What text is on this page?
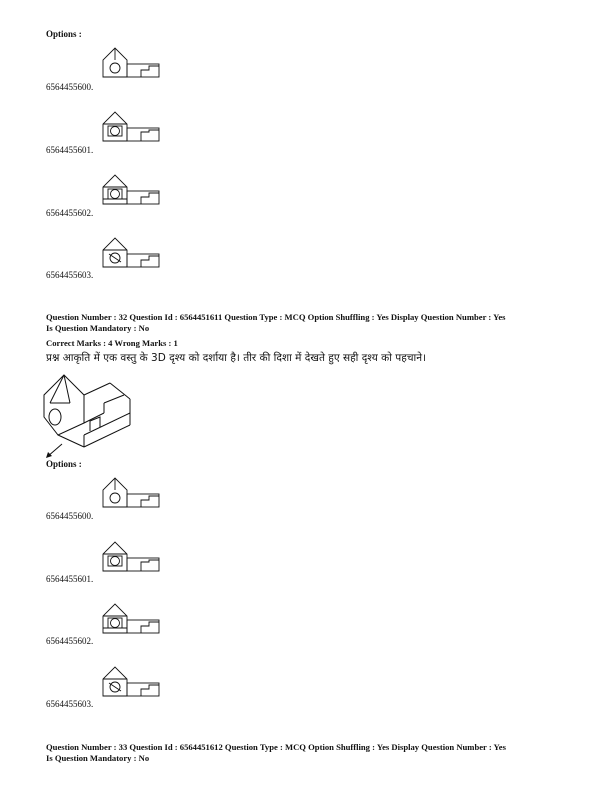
Options :
6564455600.
6564455601.
6564455602.
6564455603.
Question Number : 32 Question Id : 6564451611 Question Type : MCQ Option Shuffling : Yes Display Question Number : Yes
Is Question Mandatory : No
Correct Marks : 4 Wrong Marks : 1
प्रश्न आकृति में एक वस्तु के 3D दृश्य को दर्शाया है। तीर की दिशा में देखते हुए सही दृश्य को पहचाने।
Options :
6564455600.
6564455601.
6564455602.
6564455603.
Question Number : 33 Question Id : 6564451612 Question Type : MCQ Option Shuffling : Yes Display Question Number : Yes
Is Question Mandatory : No
